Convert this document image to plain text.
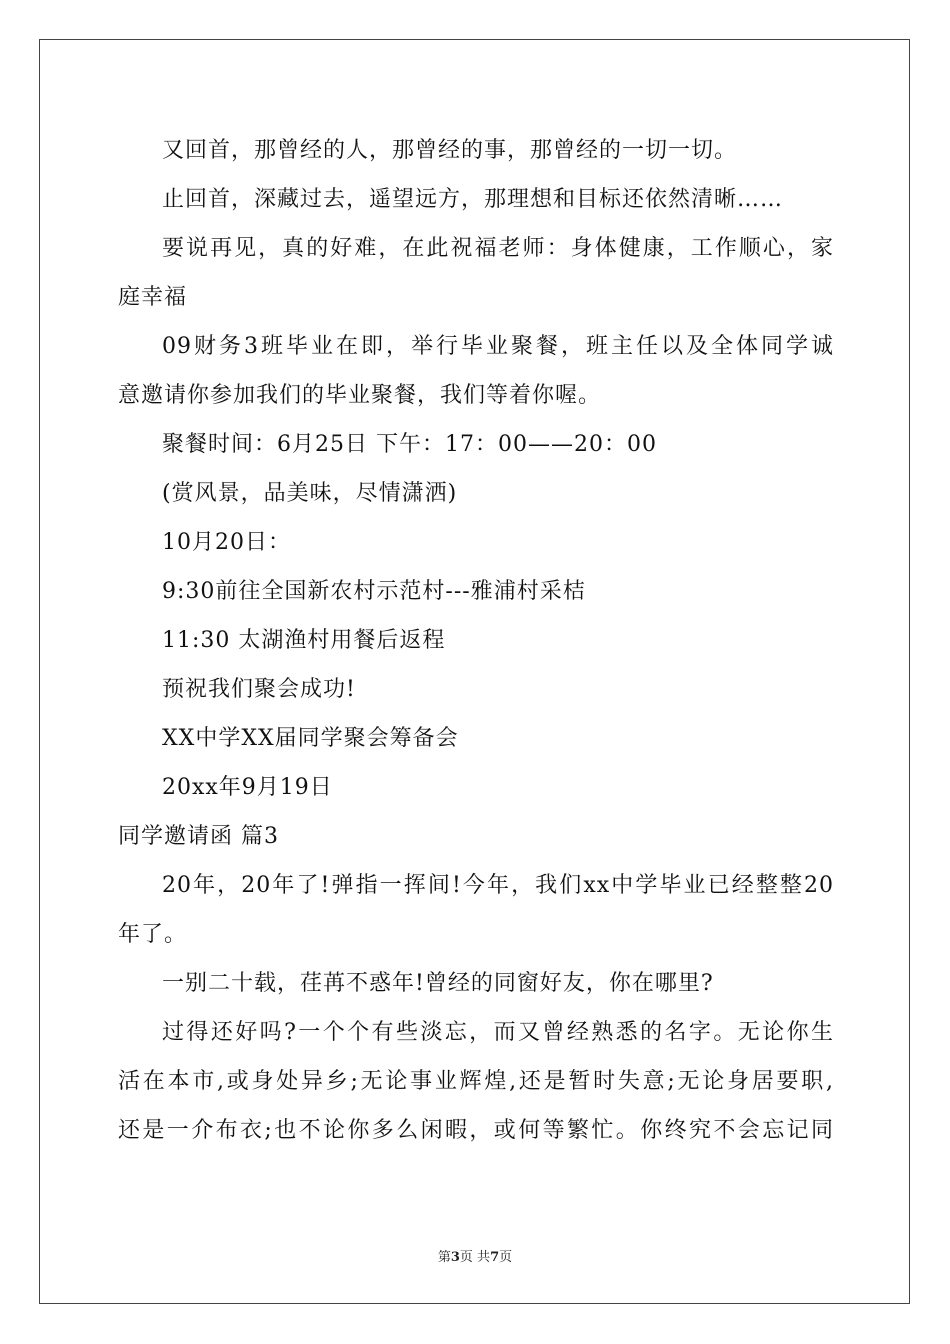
又回首，那曾经的人，那曾经的事，那曾经的一切一切。
止回首，深藏过去，遥望远方，那理想和目标还依然清晰……
要说再见，真的好难，在此祝福老师：身体健康，工作顺心，家
庭幸福
09财务3班毕业在即，举行毕业聚餐，班主任以及全体同学诚
意邀请你参加我们的毕业聚餐，我们等着你喔。
聚餐时间：6月25日 下午：17：00——20：00
(赏风景，品美味，尽情潇洒)
10月20日：
9:30前往全国新农村示范村---雅浦村采桔
11:30 太湖渔村用餐后返程
预祝我们聚会成功!
XX中学XX届同学聚会筹备会
20xx年9月19日
同学邀请函 篇3
20年，20年了!弹指一挥间!今年，我们xx中学毕业已经整整20
年了。
一别二十载，荏苒不惑年!曾经的同窗好友，你在哪里?
过得还好吗?一个个有些淡忘，而又曾经熟悉的名字。无论你生
活在本市,或身处异乡;无论事业辉煌,还是暂时失意;无论身居要职,
还是一介布衣;也不论你多么闲暇，或何等繁忙。你终究不会忘记同
第3页 共7页
